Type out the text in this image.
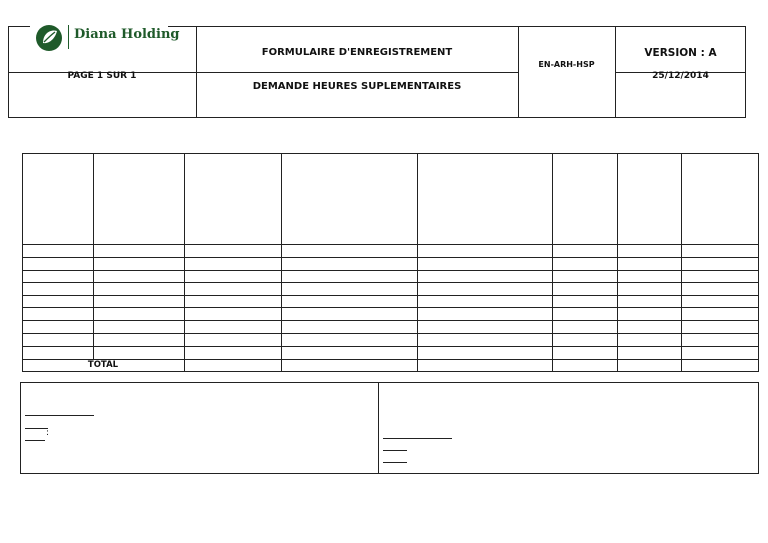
Diana Holding
PAGE 1 SUR 1
FORMULAIRE D'ENREGISTREMENT
DEMANDE HEURES SUPLEMENTAIRES
EN-ARH-HSP
VERSION : A
25/12/2014
TOTAL
:
